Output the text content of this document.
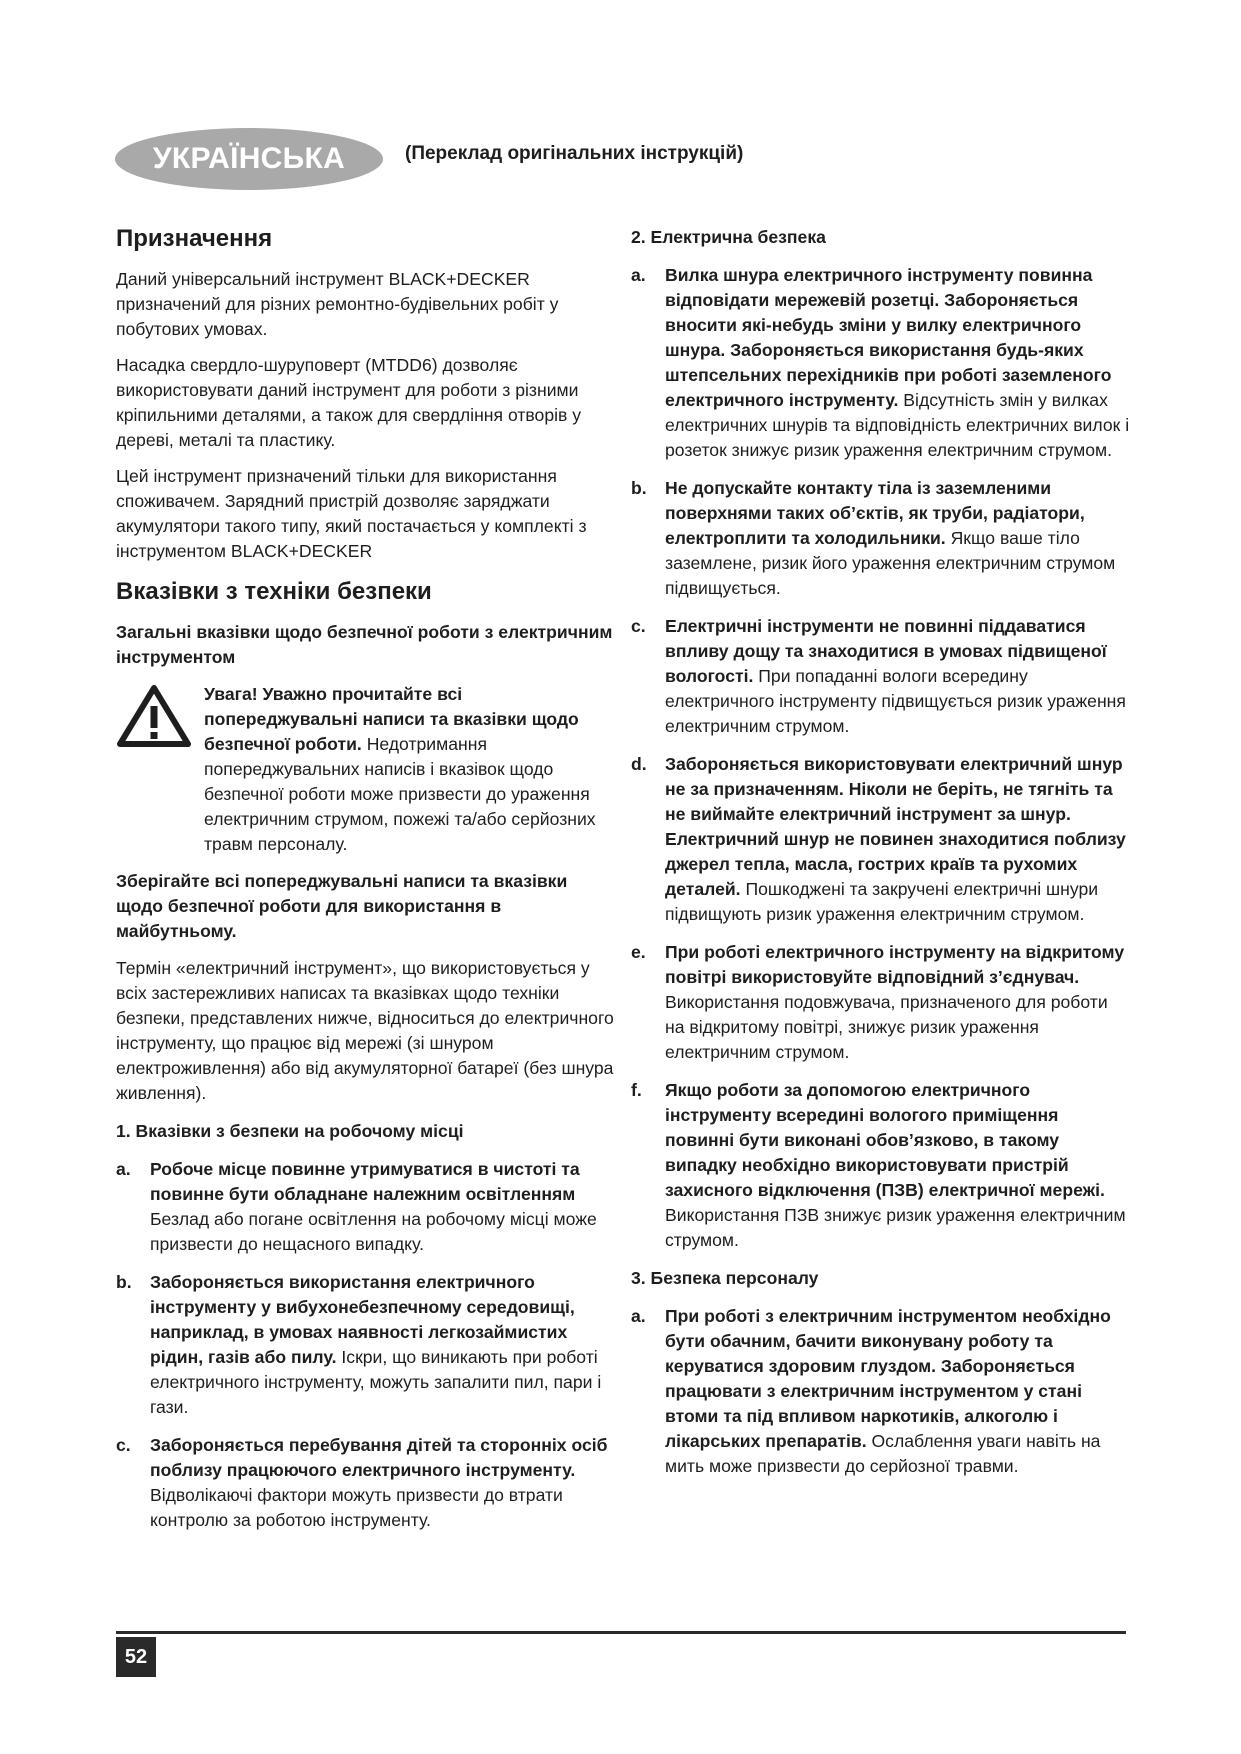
УКРАЇНСЬКА	(Переклад оригінальних інструкцій)
Призначення

Даний універсальний інструмент BLACK+DECKER призначений для різних ремонтно-будівельних робіт у побутових умовах.

Насадка свердло-шуруповерт (MTDD6) дозволяє використовувати даний інструмент для роботи з різними кріпильними деталями, а також для свердління отворів у дереві, металі та пластику.

Цей інструмент призначений тільки для використання споживачем. Зарядний пристрій дозволяє заряджати акумулятори такого типу, який постачається у комплекті з інструментом BLACK+DECKER

Вказівки з техніки безпеки

Загальні вказівки щодо безпечної роботи з електричним інструментом

Увага! Уважно прочитайте всі попереджувальні написи та вказівки щодо безпечної роботи. Недотримання попереджувальних написів і вказівок щодо безпечної роботи може призвести до ураження електричним струмом, пожежі та/або серйозних травм персоналу.

Зберігайте всі попереджувальні написи та вказівки щодо безпечної роботи для використання в майбутньому.

Термін «електричний інструмент», що використовується у всіх застережливих написах та вказівках щодо техніки безпеки, представлених нижче, відноситься до електричного інструменту, що працює від мережі (зі шнуром електроживлення) або від акумуляторної батареї (без шнура живлення).

1. Вказівки з безпеки на робочому місці

a. Робоче місце повинне утримуватися в чистоті та повинне бути обладнане належним освітленням Безлад або погане освітлення на робочому місці може призвести до нещасного випадку.
b. Забороняється використання електричного інструменту у вибухонебезпечному середовищі, наприклад, в умовах наявності легкозаймистих рідин, газів або пилу. Іскри, що виникають при роботі електричного інструменту, можуть запалити пил, пари і гази.
c. Забороняється перебування дітей та сторонніх осіб поблизу працюючого електричного інструменту. Відволікаючі фактори можуть призвести до втрати контролю за роботою інструменту.

2. Електрична безпека

a. Вилка шнура електричного інструменту повинна відповідати мережевій розетці. Забороняється вносити які-небудь зміни у вилку електричного шнура. Забороняється використання будь-яких штепсельних перехідників при роботі заземленого електричного інструменту. Відсутність змін у вилках електричних шнурів та відповідність електричних вилок і розеток знижує ризик ураження електричним струмом.
b. Не допускайте контакту тіла із заземленими поверхнями таких об’єктів, як труби, радіатори, електроплити та холодильники. Якщо ваше тіло заземлене, ризик його ураження електричним струмом підвищується.
c. Електричні інструменти не повинні піддаватися впливу дощу та знаходитися в умовах підвищеної вологості. При попаданні вологи всередину електричного інструменту підвищується ризик ураження електричним струмом.
d. Забороняється використовувати електричний шнур не за призначенням. Ніколи не беріть, не тягніть та не виймайте електричний інструмент за шнур. Електричний шнур не повинен знаходитися поблизу джерел тепла, масла, гострих країв та рухомих деталей. Пошкоджені та закручені електричні шнури підвищують ризик ураження електричним струмом.
e. При роботі електричного інструменту на відкритому повітрі використовуйте відповідний з’єднувач. Використання подовжувача, призначеного для роботи на відкритому повітрі, знижує ризик ураження електричним струмом.
f. Якщо роботи за допомогою електричного інструменту всередині вологого приміщення повинні бути виконані обов’язково, в такому випадку необхідно використовувати пристрій захисного відключення (ПЗВ) електричної мережі. Використання ПЗВ знижує ризик ураження електричним струмом.

3. Безпека персоналу

a. При роботі з електричним інструментом необхідно бути обачним, бачити виконувану роботу та керуватися здоровим глуздом. Забороняється працювати з електричним інструментом у стані втоми та під впливом наркотиків, алкоголю і лікарських препаратів. Ослаблення уваги навіть на мить може призвести до серйозної травми.
52
